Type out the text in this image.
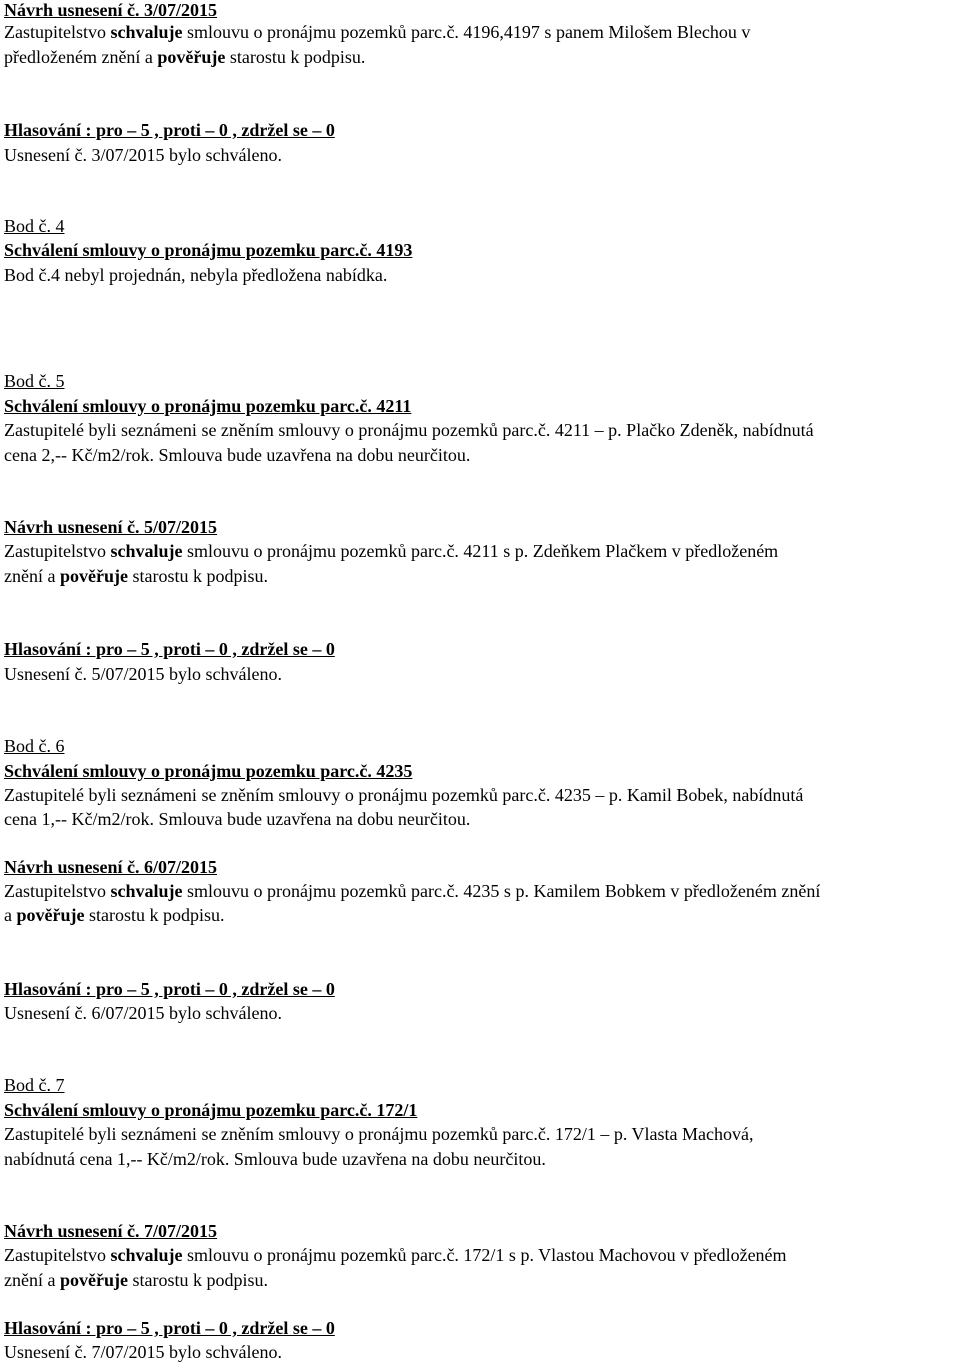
Návrh usnesení č. 3/07/2015
Zastupitelstvo schvaluje smlouvu o pronájmu pozemků parc.č. 4196,4197 s panem Milošem Blechou v
předloženém znění a pověřuje starostu k podpisu.
Hlasování : pro – 5 , proti – 0 , zdržel se – 0
Usnesení č. 3/07/2015 bylo schváleno.
Bod č. 4
Schválení smlouvy o pronájmu pozemku parc.č. 4193
Bod č.4 nebyl projednán, nebyla předložena nabídka.
Bod č. 5
Schválení smlouvy o pronájmu pozemku parc.č. 4211
Zastupitelé byli seznámeni se zněním smlouvy o pronájmu pozemků parc.č. 4211 – p. Plačko Zdeněk, nabídnutá
cena 2,-- Kč/m2/rok. Smlouva bude uzavřena na dobu neurčitou.
Návrh usnesení č. 5/07/2015
Zastupitelstvo schvaluje smlouvu o pronájmu pozemků parc.č. 4211 s p. Zdeňkem Plačkem v předloženém
znění a pověřuje starostu k podpisu.
Hlasování : pro – 5 , proti – 0 , zdržel se – 0
Usnesení č. 5/07/2015 bylo schváleno.
Bod č. 6
Schválení smlouvy o pronájmu pozemku parc.č. 4235
Zastupitelé byli seznámeni se zněním smlouvy o pronájmu pozemků parc.č. 4235 – p. Kamil Bobek, nabídnutá
cena 1,-- Kč/m2/rok. Smlouva bude uzavřena na dobu neurčitou.
Návrh usnesení č. 6/07/2015
Zastupitelstvo schvaluje smlouvu o pronájmu pozemků parc.č. 4235 s p. Kamilem Bobkem v předloženém znění
a pověřuje starostu k podpisu.
Hlasování : pro – 5 , proti – 0 , zdržel se – 0
Usnesení č. 6/07/2015 bylo schváleno.
Bod č. 7
Schválení smlouvy o pronájmu pozemku parc.č. 172/1
Zastupitelé byli seznámeni se zněním smlouvy o pronájmu pozemků parc.č. 172/1 – p. Vlasta Machová,
nabídnutá cena 1,-- Kč/m2/rok. Smlouva bude uzavřena na dobu neurčitou.
Návrh usnesení č. 7/07/2015
Zastupitelstvo schvaluje smlouvu o pronájmu pozemků parc.č. 172/1 s p. Vlastou Machovou v předloženém
znění a pověřuje starostu k podpisu.
Hlasování : pro – 5 , proti – 0 , zdržel se – 0
Usnesení č. 7/07/2015 bylo schváleno.
